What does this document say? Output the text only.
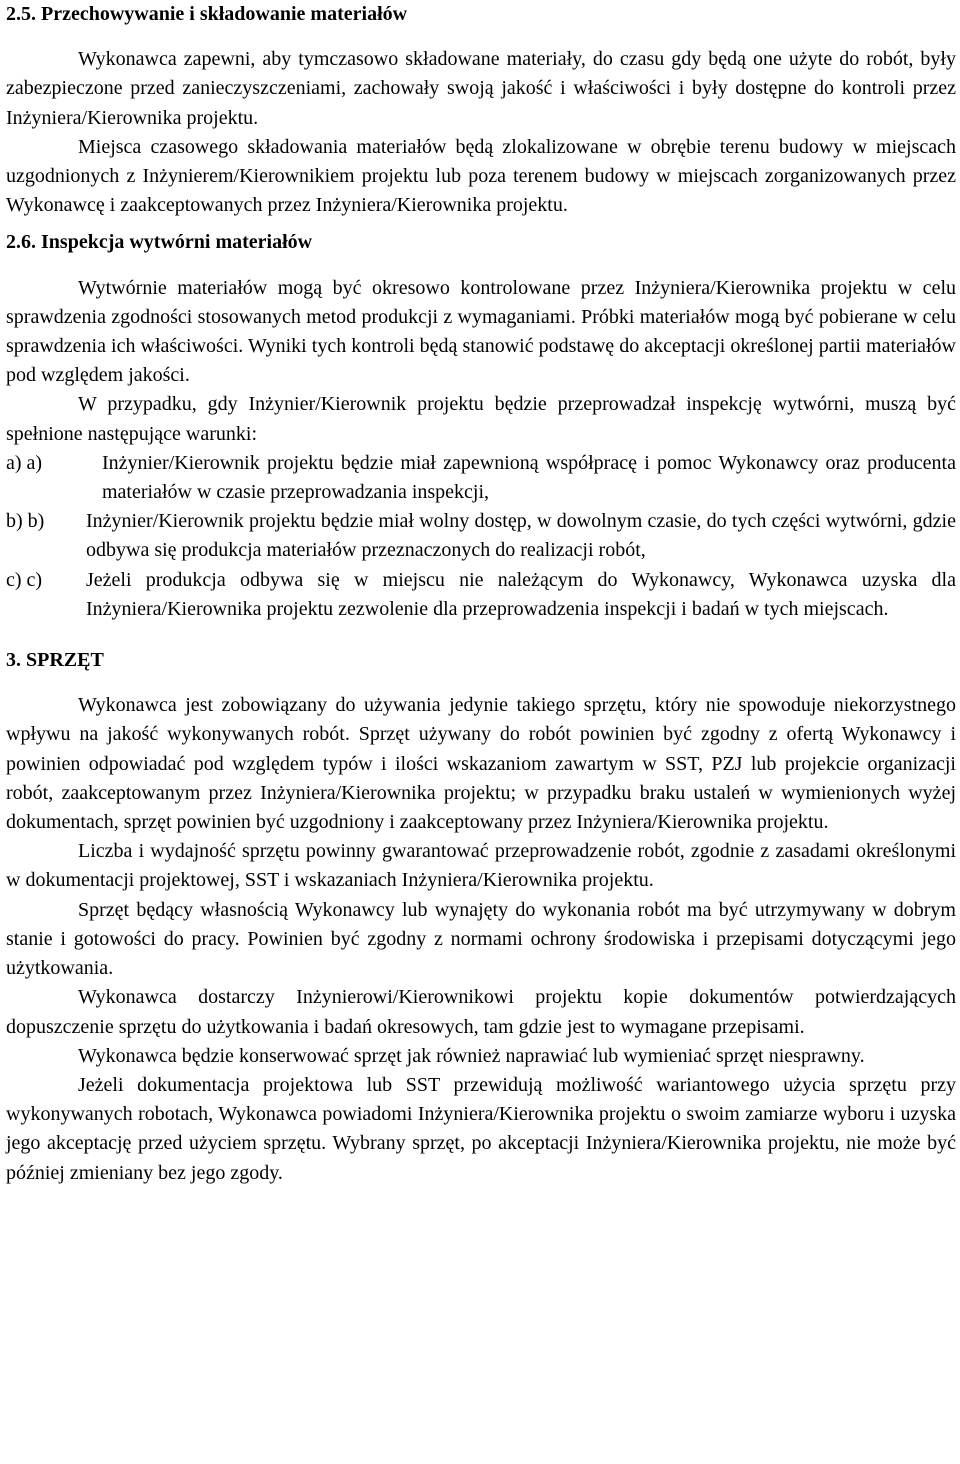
2.5. Przechowywanie i składowanie materiałów

Wykonawca zapewni, aby tymczasowo składowane materiały, do czasu gdy będą one użyte do robót, były zabezpieczone przed zanieczyszczeniami, zachowały swoją jakość i właściwości i były dostępne do kontroli przez Inżyniera/Kierownika projektu.

Miejsca czasowego składowania materiałów będą zlokalizowane w obrębie terenu budowy w miejscach uzgodnionych z Inżynierem/Kierownikiem projektu lub poza terenem budowy w miejscach zorganizowanych przez Wykonawcę i zaakceptowanych przez Inżyniera/Kierownika projektu.

2.6. Inspekcja wytwórni materiałów

Wytwórnie materiałów mogą być okresowo kontrolowane przez Inżyniera/Kierownika projektu w celu sprawdzenia zgodności stosowanych metod produkcji z wymaganiami. Próbki materiałów mogą być pobierane w celu sprawdzenia ich właściwości. Wyniki tych kontroli będą stanowić podstawę do akceptacji określonej partii materiałów pod względem jakości.

W przypadku, gdy Inżynier/Kierownik projektu będzie przeprowadzał inspekcję wytwórni, muszą być spełnione następujące warunki:

a) a)	Inżynier/Kierownik projektu będzie miał zapewnioną współpracę i pomoc Wykonawcy oraz producenta materiałów w czasie przeprowadzania inspekcji,
b) b)	Inżynier/Kierownik projektu będzie miał wolny dostęp, w dowolnym czasie, do tych części wytwórni, gdzie odbywa się produkcja materiałów przeznaczonych do realizacji robót,
c) c)	Jeżeli produkcja odbywa się w miejscu nie należącym do Wykonawcy, Wykonawca uzyska dla Inżyniera/Kierownika projektu zezwolenie dla przeprowadzenia inspekcji i badań w tych miejscach.

3. SPRZĘT

Wykonawca jest zobowiązany do używania jedynie takiego sprzętu, który nie spowoduje niekorzystnego wpływu na jakość wykonywanych robót. Sprzęt używany do robót powinien być zgodny z ofertą Wykonawcy i powinien odpowiadać pod względem typów i ilości wskazaniom zawartym w SST, PZJ lub projekcie organizacji robót, zaakceptowanym przez Inżyniera/Kierownika projektu; w przypadku braku ustaleń w wymienionych wyżej dokumentach, sprzęt powinien być uzgodniony i zaakceptowany przez Inżyniera/Kierownika projektu.

Liczba i wydajność sprzętu powinny gwarantować przeprowadzenie robót, zgodnie z zasadami określonymi w dokumentacji projektowej, SST i wskazaniach Inżyniera/Kierownika projektu.

Sprzęt będący własnością Wykonawcy lub wynajęty do wykonania robót ma być utrzymywany w dobrym stanie i gotowości do pracy. Powinien być zgodny z normami ochrony środowiska i przepisami dotyczącymi jego użytkowania.

Wykonawca dostarczy Inżynierowi/Kierownikowi projektu kopie dokumentów potwierdzających dopuszczenie sprzętu do użytkowania i badań okresowych, tam gdzie jest to wymagane przepisami.

Wykonawca będzie konserwować sprzęt jak również naprawiać lub wymieniać sprzęt niesprawny.

Jeżeli dokumentacja projektowa lub SST przewidują możliwość wariantowego użycia sprzętu przy wykonywanych robotach, Wykonawca powiadomi Inżyniera/Kierownika projektu o swoim zamiarze wyboru i uzyska jego akceptację przed użyciem sprzętu. Wybrany sprzęt, po akceptacji Inżyniera/Kierownika projektu, nie może być później zmieniany bez jego zgody.
